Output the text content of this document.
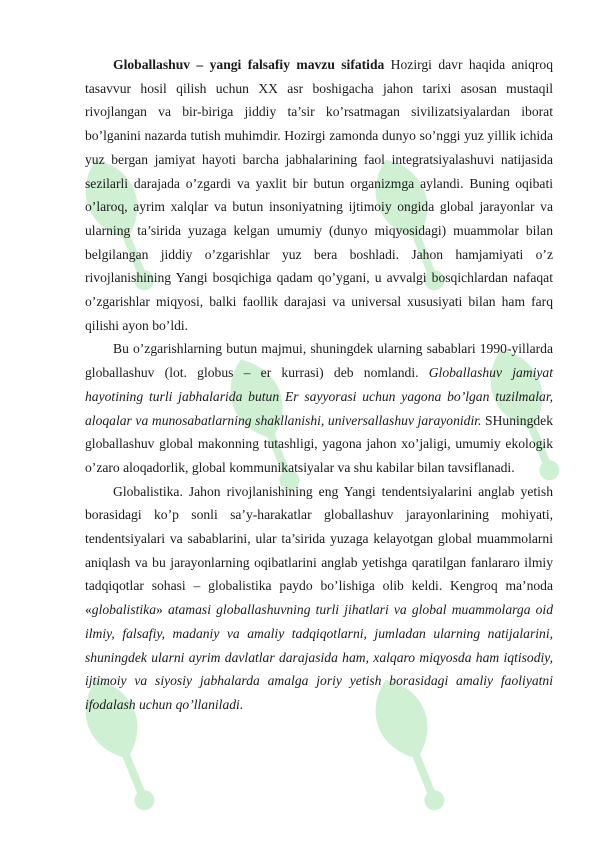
Globallashuv – yangi falsafiy mavzu sifatida Hozirgi davr haqida aniqroq tasavvur hosil qilish uchun XX asr boshigacha jahon tarixi asosan mustaqil rivojlangan va bir-biriga jiddiy ta’sir ko’rsatmagan sivilizatsiyalardan iborat bo’lganini nazarda tutish muhimdir. Hozirgi zamonda dunyo so’nggi yuz yillik ichida yuz bergan jamiyat hayoti barcha jabhalarining faol integratsiyalashuvi natijasida sezilarli darajada o’zgardi va yaxlit bir butun organizmga aylandi. Buning oqibati o’laroq, ayrim xalqlar va butun insoniyatning ijtimoiy ongida global jarayonlar va ularning ta’sirida yuzaga kelgan umumiy (dunyo miqyosidagi) muammolar bilan belgilangan jiddiy o’zgarishlar yuz bera boshladi. Jahon hamjamiyati o’z rivojlanishining Yangi bosqichiga qadam qo’ygani, u avvalgi bosqichlardan nafaqat o’zgarishlar miqyosi, balki faollik darajasi va universal xususiyati bilan ham farq qilishi ayon bo’ldi.

Bu o’zgarishlarning butun majmui, shuningdek ularning sabablari 1990-yillarda globallashuv (lot. globus – er kurrasi) deb nomlandi. Globallashuv jamiyat hayotining turli jabhalarida butun Er sayyorasi uchun yagona bo’lgan tuzilmalar, aloqalar va munosabatlarning shakllanishi, universallashuv jarayonidir. SHuningdek globallashuv global makonning tutashligi, yagona jahon xo’jaligi, umumiy ekologik o’zaro aloqadorlik, global kommunikatsiyalar va shu kabilar bilan tavsiflanadi.

Globalistika. Jahon rivojlanishining eng Yangi tendentsiyalarini anglab yetish borasidagi ko’p sonli sa’y-harakatlar globallashuv jarayonlarining mohiyati, tendentsiyalari va sabablarini, ular ta’sirida yuzaga kelayotgan global muammolarni aniqlash va bu jarayonlarning oqibatlarini anglab yetishga qaratilgan fanlararo ilmiy tadqiqotlar sohasi – globalistika paydo bo’lishiga olib keldi. Kengroq ma’noda «globalistika» atamasi globallashuvning turli jihatlari va global muammolarga oid ilmiy, falsafiy, madaniy va amaliy tadqiqotlarni, jumladan ularning natijalarini, shuningdek ularni ayrim davlatlar darajasida ham, xalqaro miqyosda ham iqtisodiy, ijtimoiy va siyosiy jabhalarda amalga joriy yetish borasidagi amaliy faoliyatni ifodalash uchun qo’llaniladi.
